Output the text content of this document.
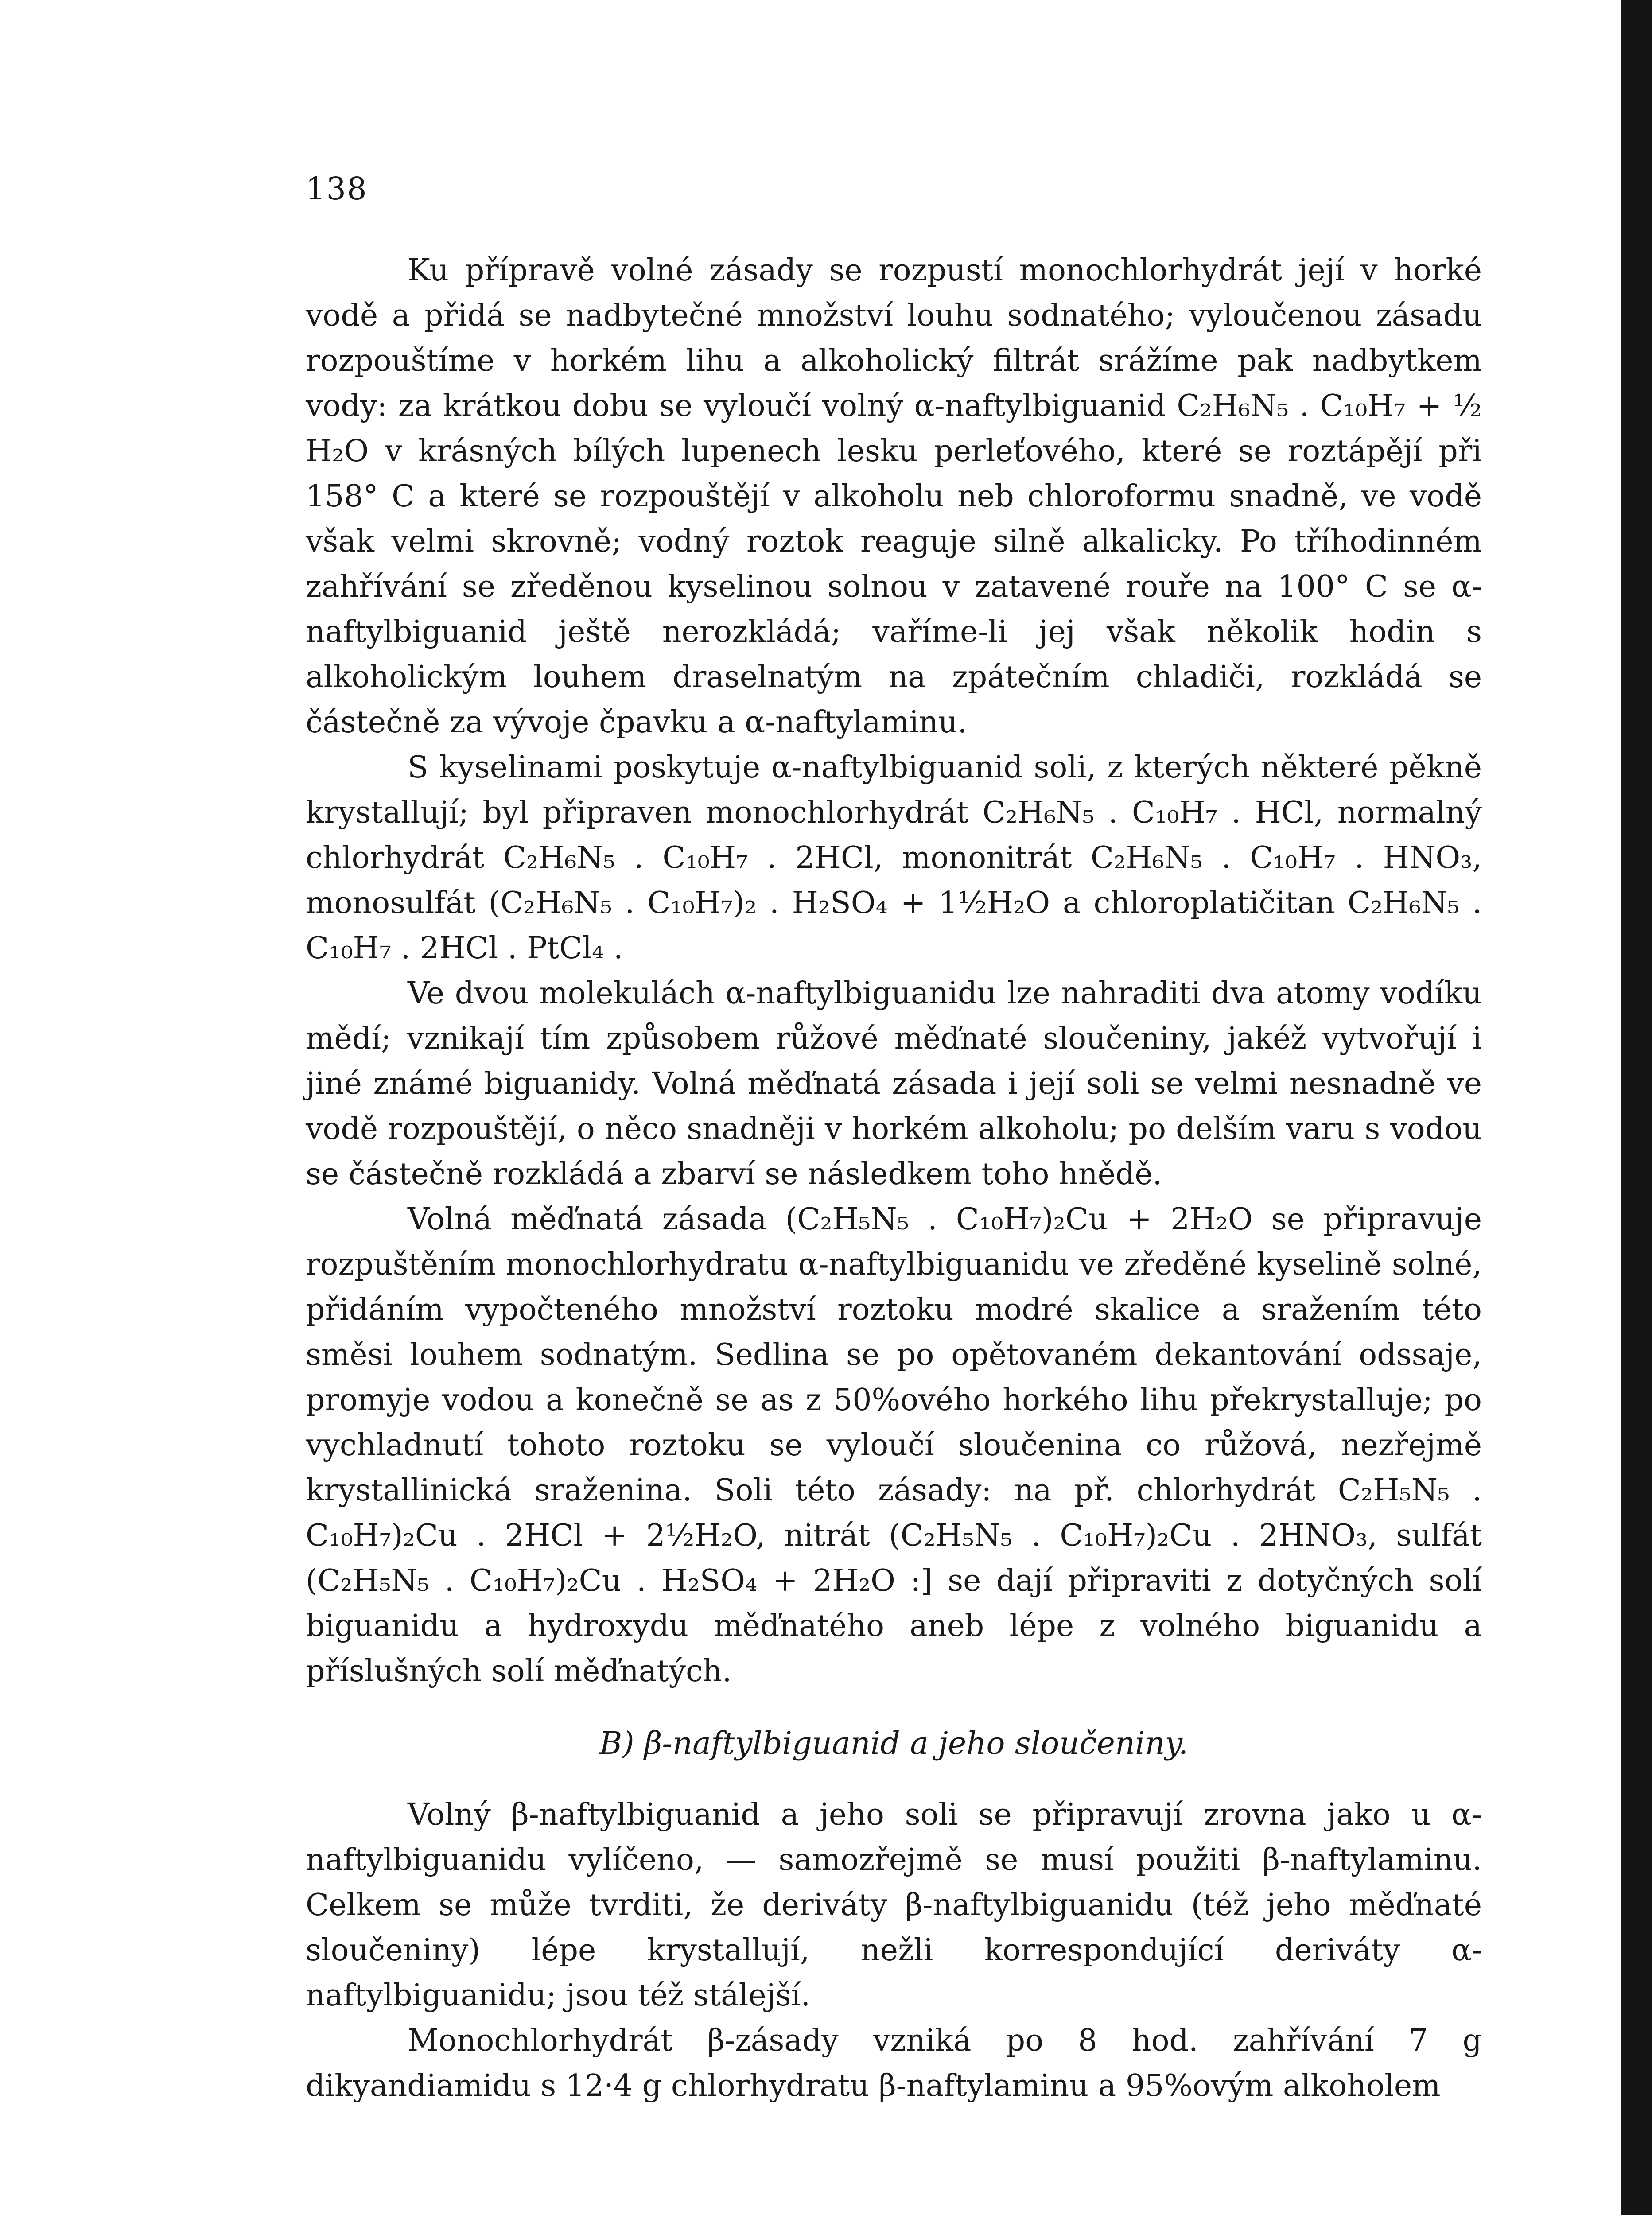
138

Ku přípravě volné zásady se rozpustí monochlorhydrát její v horké vodě a přidá se nadbytečné množství louhu sodnatého; vyloučenou zásadu rozpouštíme v horkém lihu a alkoholický filtrát srážíme pak nadbytkem vody: za krátkou dobu se vyloučí volný α-naftylbiguanid C₂H₆N₅ . C₁₀H₇ + ½ H₂O v krásných bílých lupenech lesku perleťového, které se roztápějí při 158° C a které se rozpouštějí v alkoholu neb chloroformu snadně, ve vodě však velmi skrovně; vodný roztok reaguje silně alkalicky. Po tříhodinném zahřívání se zředěnou kyselinou solnou v zatavené rouře na 100° C se α-naftylbiguanid ještě nerozkládá; vaříme-li jej však několik hodin s alkoholickým louhem draselnatým na zpátečním chladiči, rozkládá se částečně za vývoje čpavku a α-naftylaminu.

S kyselinami poskytuje α-naftylbiguanid soli, z kterých některé pěkně krystallují; byl připraven monochlorhydrát C₂H₆N₅ . C₁₀H₇ . HCl, normalný chlorhydrát C₂H₆N₅ . C₁₀H₇ . 2HCl, mononitrát C₂H₆N₅ . C₁₀H₇ . HNO₃, monosulfát (C₂H₆N₅ . C₁₀H₇)₂ . H₂SO₄ + 1½H₂O a chloroplatičitan C₂H₆N₅ . C₁₀H₇ . 2HCl . PtCl₄ .

Ve dvou molekulách α-naftylbiguanidu lze nahraditi dva atomy vodíku mědí; vznikají tím způsobem růžové měďnaté sloučeniny, jakéž vytvořují i jiné známé biguanidy. Volná měďnatá zásada i její soli se velmi nesnadně ve vodě rozpouštějí, o něco snadněji v horkém alkoholu; po delším varu s vodou se částečně rozkládá a zbarví se následkem toho hnědě.

Volná měďnatá zásada (C₂H₅N₅ . C₁₀H₇)₂Cu + 2H₂O se připravuje rozpuštěním monochlorhydratu α-naftylbiguanidu ve zředěné kyselině solné, přidáním vypočteného množství roztoku modré skalice a sražením této směsi louhem sodnatým. Sedlina se po opětovaném dekantování odssaje, promyje vodou a konečně se as z 50%ového horkého lihu překrystalluje; po vychladnutí tohoto roztoku se vyloučí sloučenina co růžová, nezřejmě krystallinická sraženina. Soli této zásady: na př. chlorhydrát C₂H₅N₅ . C₁₀H₇)₂Cu . 2HCl + 2½H₂O, nitrát (C₂H₅N₅ . C₁₀H₇)₂Cu . 2HNO₃, sulfát (C₂H₅N₅ . C₁₀H₇)₂Cu . H₂SO₄ + 2H₂O :] se dají připraviti z dotyčných solí biguanidu a hydroxydu měďnatého aneb lépe z volného biguanidu a příslušných solí měďnatých.

B) β-naftylbiguanid a jeho sloučeniny.

Volný β-naftylbiguanid a jeho soli se připravují zrovna jako u α-naftylbiguanidu vylíčeno, — samozřejmě se musí použiti β-naftylaminu. Celkem se může tvrditi, že deriváty β-naftylbiguanidu (též jeho měďnaté sloučeniny) lépe krystallují, nežli korrespondující deriváty α-naftylbiguanidu; jsou též stálejší.

Monochlorhydrát β-zásady vzniká po 8 hod. zahřívání 7 g dikyandiamidu s 12·4 g chlorhydratu β-naftylaminu a 95%ovým alkoholem
